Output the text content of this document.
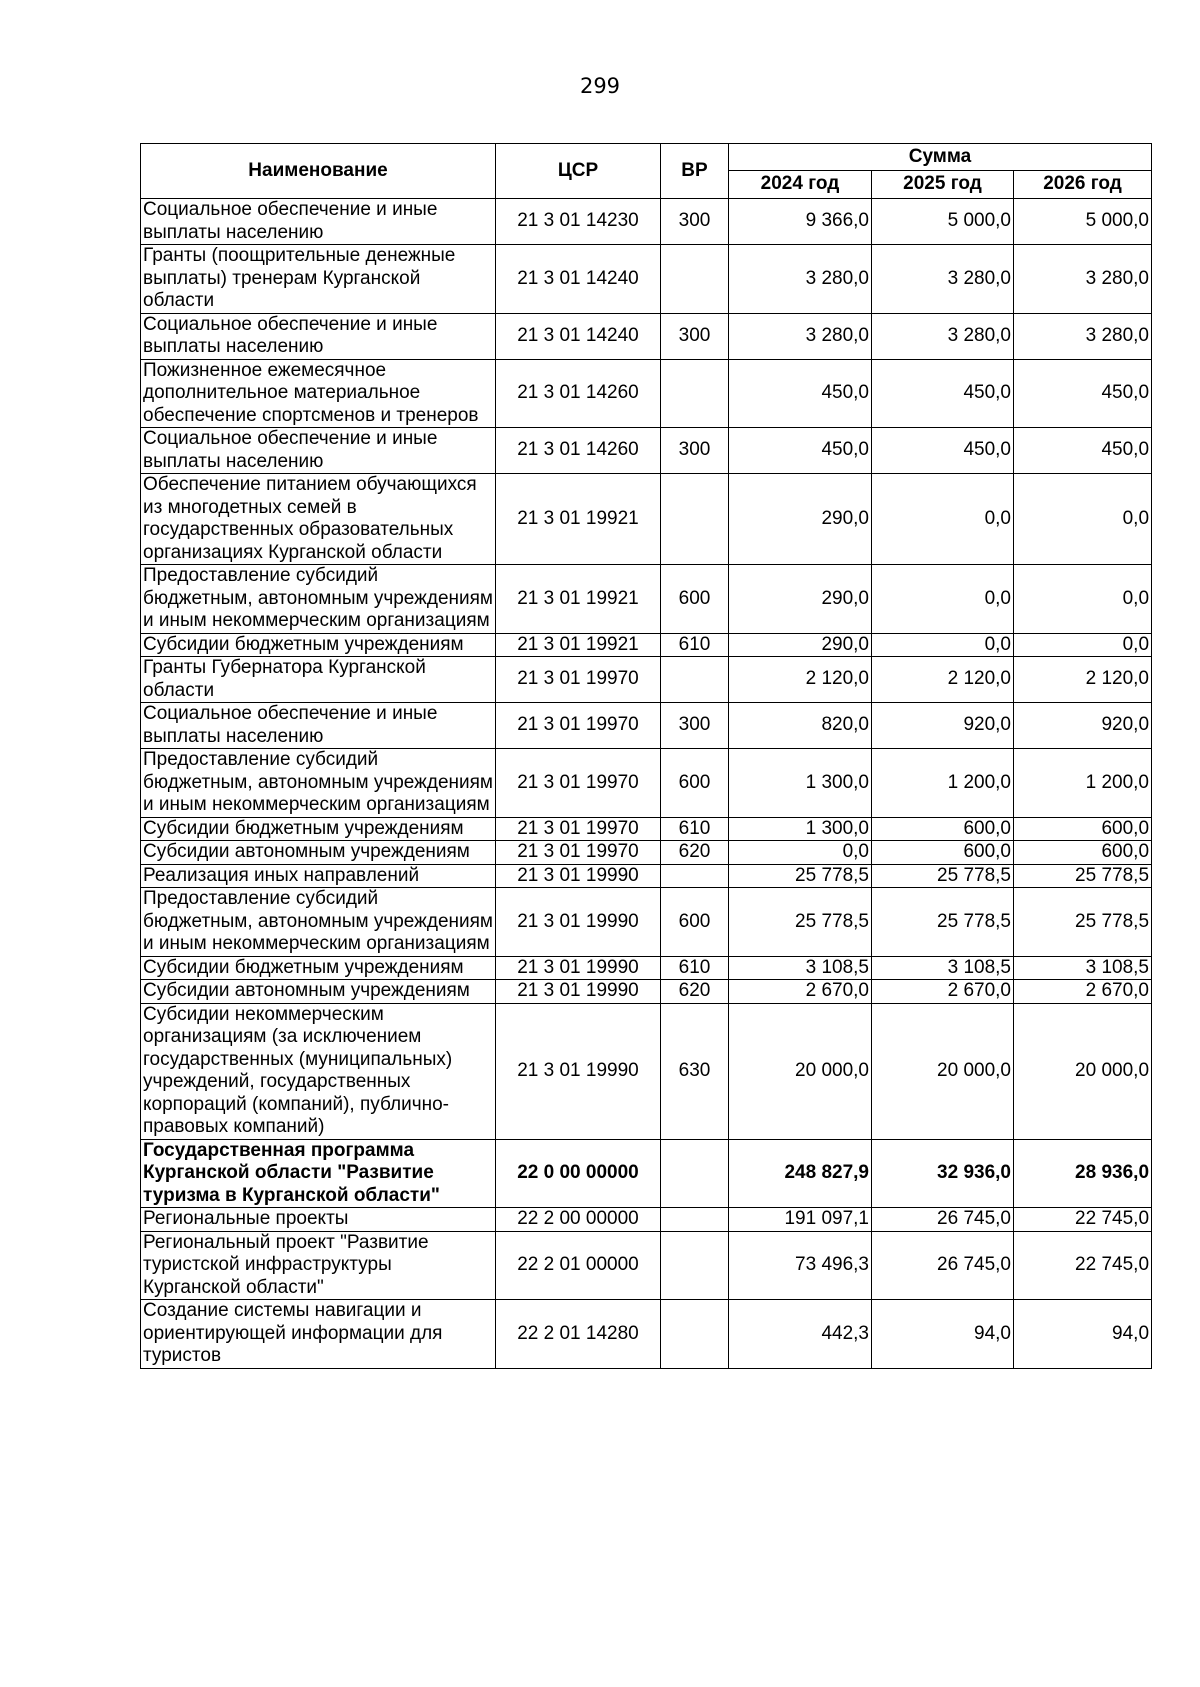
299
Наименование	ЦСР	ВР	Сумма		
			2024 год	2025 год	2026 год
Социальное обеспечение и иные выплаты населению	21 3 01 14230	300	9 366,0	5 000,0	5 000,0
Гранты (поощрительные денежные выплаты) тренерам Курганской области	21 3 01 14240		3 280,0	3 280,0	3 280,0
Социальное обеспечение и иные выплаты населению	21 3 01 14240	300	3 280,0	3 280,0	3 280,0
Пожизненное ежемесячное дополнительное материальное обеспечение спортсменов и тренеров	21 3 01 14260		450,0	450,0	450,0
Социальное обеспечение и иные выплаты населению	21 3 01 14260	300	450,0	450,0	450,0
Обеспечение питанием обучающихся из многодетных семей в государственных образовательных организациях Курганской области	21 3 01 19921		290,0	0,0	0,0
Предоставление субсидий бюджетным, автономным учреждениям и иным некоммерческим организациям	21 3 01 19921	600	290,0	0,0	0,0
Субсидии бюджетным учреждениям	21 3 01 19921	610	290,0	0,0	0,0
Гранты Губернатора Курганской области	21 3 01 19970		2 120,0	2 120,0	2 120,0
Социальное обеспечение и иные выплаты населению	21 3 01 19970	300	820,0	920,0	920,0
Предоставление субсидий бюджетным, автономным учреждениям и иным некоммерческим организациям	21 3 01 19970	600	1 300,0	1 200,0	1 200,0
Субсидии бюджетным учреждениям	21 3 01 19970	610	1 300,0	600,0	600,0
Субсидии автономным учреждениям	21 3 01 19970	620	0,0	600,0	600,0
Реализация иных направлений	21 3 01 19990		25 778,5	25 778,5	25 778,5
Предоставление субсидий бюджетным, автономным учреждениям и иным некоммерческим организациям	21 3 01 19990	600	25 778,5	25 778,5	25 778,5
Субсидии бюджетным учреждениям	21 3 01 19990	610	3 108,5	3 108,5	3 108,5
Субсидии автономным учреждениям	21 3 01 19990	620	2 670,0	2 670,0	2 670,0
Субсидии некоммерческим организациям (за исключением государственных (муниципальных) учреждений, государственных корпораций (компаний), публично-правовых компаний)	21 3 01 19990	630	20 000,0	20 000,0	20 000,0
Государственная программа Курганской области "Развитие туризма в Курганской области"	22 0 00 00000		248 827,9	32 936,0	28 936,0
Региональные проекты	22 2 00 00000		191 097,1	26 745,0	22 745,0
Региональный проект "Развитие туристской инфраструктуры Курганской области"	22 2 01 00000		73 496,3	26 745,0	22 745,0
Создание системы навигации и ориентирующей информации для туристов	22 2 01 14280		442,3	94,0	94,0
